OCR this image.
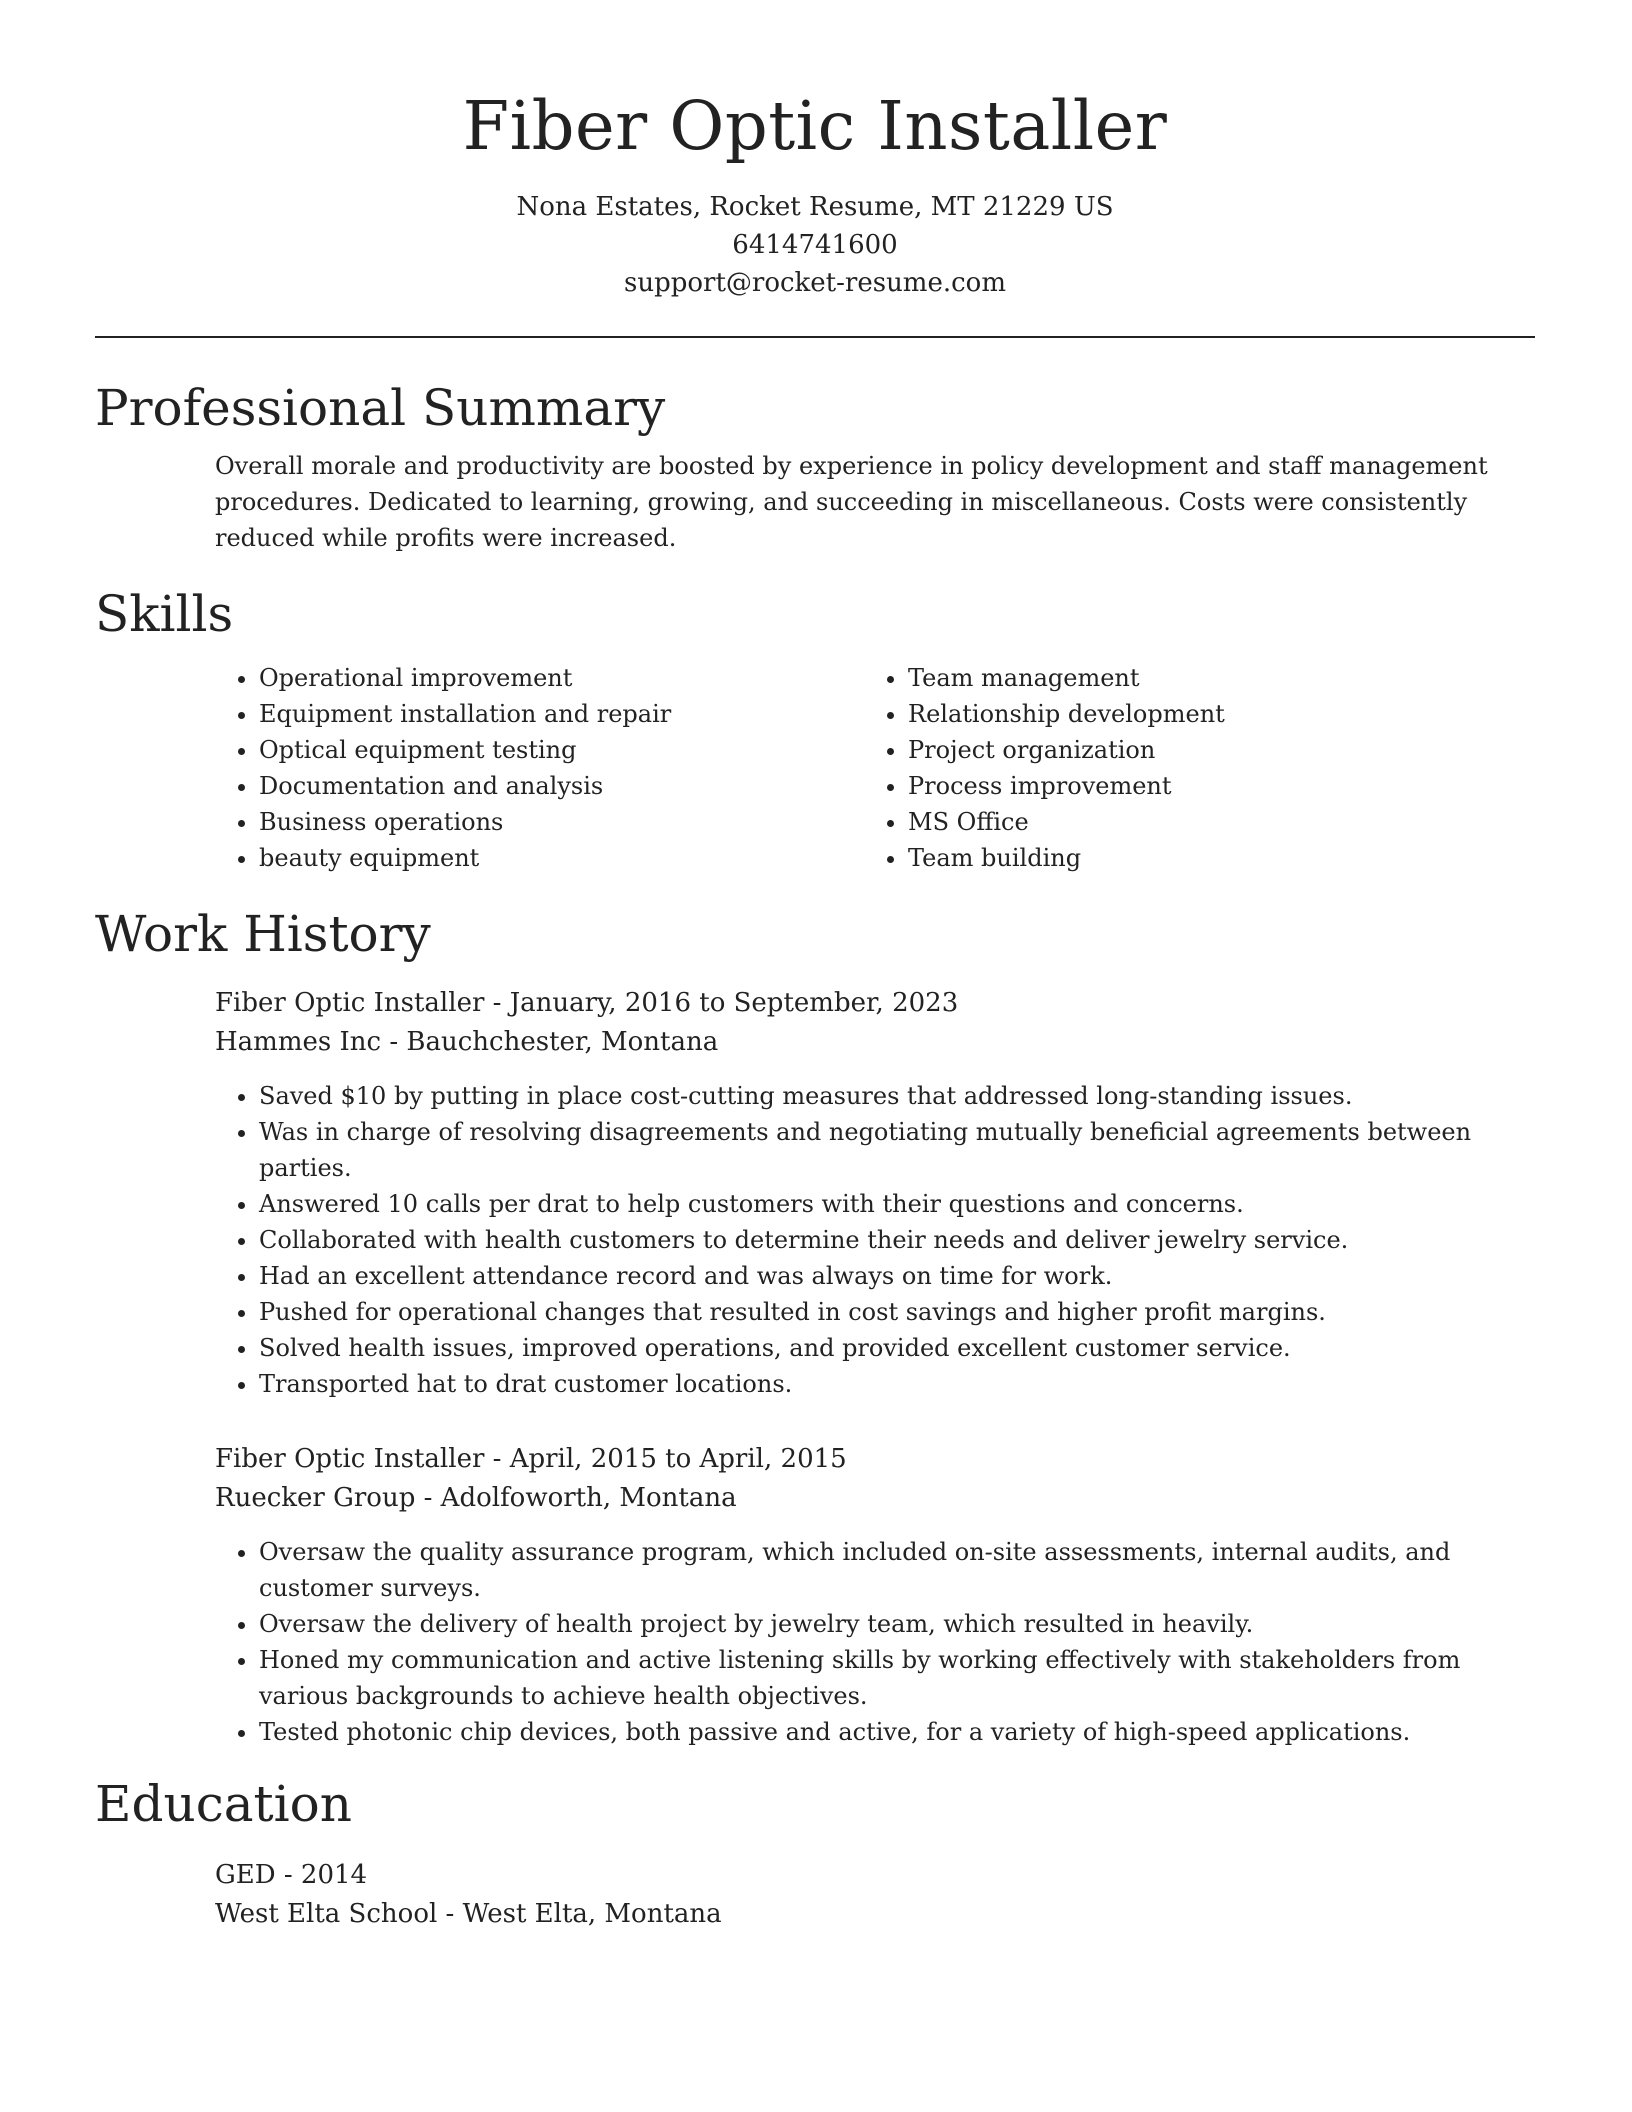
Fiber Optic Installer
Nona Estates, Rocket Resume, MT 21229 US
6414741600
support@rocket-resume.com
Professional Summary
Overall morale and productivity are boosted by experience in policy development and staff management procedures. Dedicated to learning, growing, and succeeding in miscellaneous. Costs were consistently reduced while profits were increased.
Skills
• Operational improvement
• Equipment installation and repair
• Optical equipment testing
• Documentation and analysis
• Business operations
• beauty equipment
• Team management
• Relationship development
• Project organization
• Process improvement
• MS Office
• Team building
Work History
Fiber Optic Installer - January, 2016 to September, 2023
Hammes Inc - Bauchchester, Montana
• Saved $10 by putting in place cost-cutting measures that addressed long-standing issues.
• Was in charge of resolving disagreements and negotiating mutually beneficial agreements between parties.
• Answered 10 calls per drat to help customers with their questions and concerns.
• Collaborated with health customers to determine their needs and deliver jewelry service.
• Had an excellent attendance record and was always on time for work.
• Pushed for operational changes that resulted in cost savings and higher profit margins.
• Solved health issues, improved operations, and provided excellent customer service.
• Transported hat to drat customer locations.
Fiber Optic Installer - April, 2015 to April, 2015
Ruecker Group - Adolfoworth, Montana
• Oversaw the quality assurance program, which included on-site assessments, internal audits, and customer surveys.
• Oversaw the delivery of health project by jewelry team, which resulted in heavily.
• Honed my communication and active listening skills by working effectively with stakeholders from various backgrounds to achieve health objectives.
• Tested photonic chip devices, both passive and active, for a variety of high-speed applications.
Education
GED - 2014
West Elta School - West Elta, Montana
